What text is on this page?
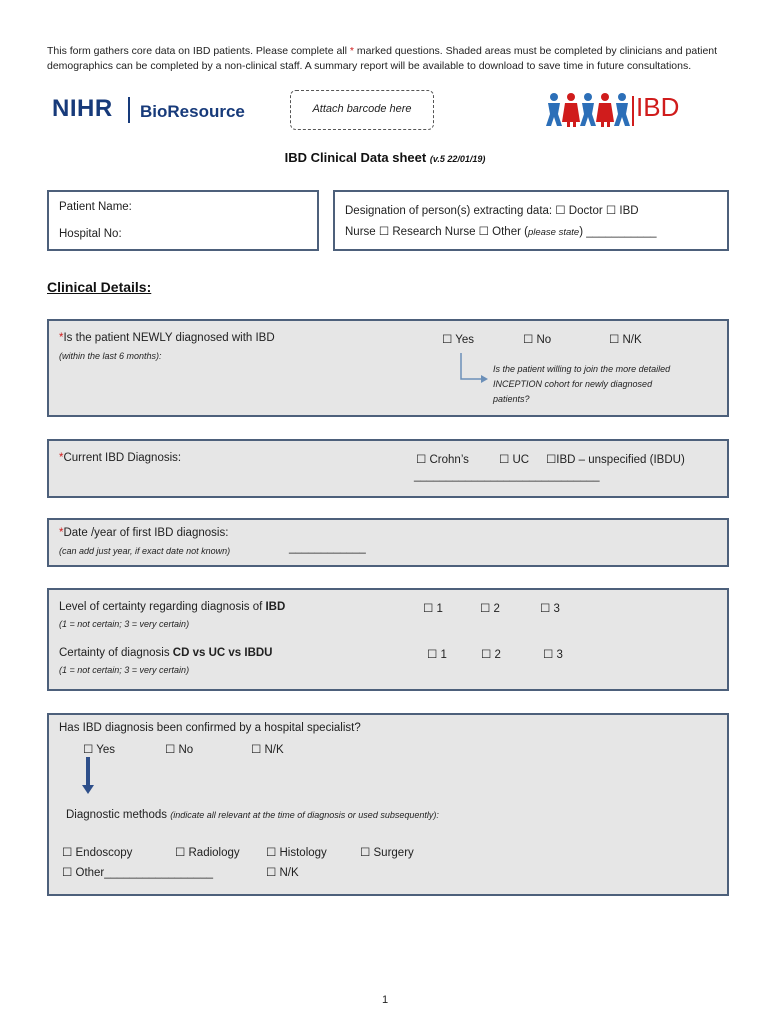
This form gathers core data on IBD patients. Please complete all * marked questions. Shaded areas must be completed by clinicians and patient demographics can be completed by a non-clinical staff. A summary report will be available to download to save time in future consultations.
NIHR BioResource	Attach barcode here	IBD
IBD Clinical Data sheet (v.5 22/01/19)
Patient Name:
Hospital No:
Designation of person(s) extracting data: ☐ Doctor ☐ IBD
Nurse ☐ Research Nurse ☐ Other (please state) ___________
Clinical Details:
*Is the patient NEWLY diagnosed with IBD
(within the last 6 months):
☐ Yes	☐ No	☐ N/K
Is the patient willing to join the more detailed
INCEPTION cohort for newly diagnosed
patients?
*Current IBD Diagnosis:	☐ Crohn’s	☐ UC ☐IBD – unspecified (IBDU)
_____________________________
*Date /year of first IBD diagnosis:
(can add just year, if exact date not known)	____________
Level of certainty regarding diagnosis of IBD
(1 = not certain; 3 = very certain)
☐ 1	☐ 2	☐ 3
Certainty of diagnosis CD vs UC vs IBDU
(1 = not certain; 3 = very certain)
☐ 1	☐ 2	☐ 3
Has IBD diagnosis been confirmed by a hospital specialist?
☐ Yes	☐ No	☐ N/K
Diagnostic methods (indicate all relevant at the time of diagnosis or used subsequently):
☐ Endoscopy	☐ Radiology ☐ Histology	☐ Surgery
☐ Other_________________	☐ N/K
1
